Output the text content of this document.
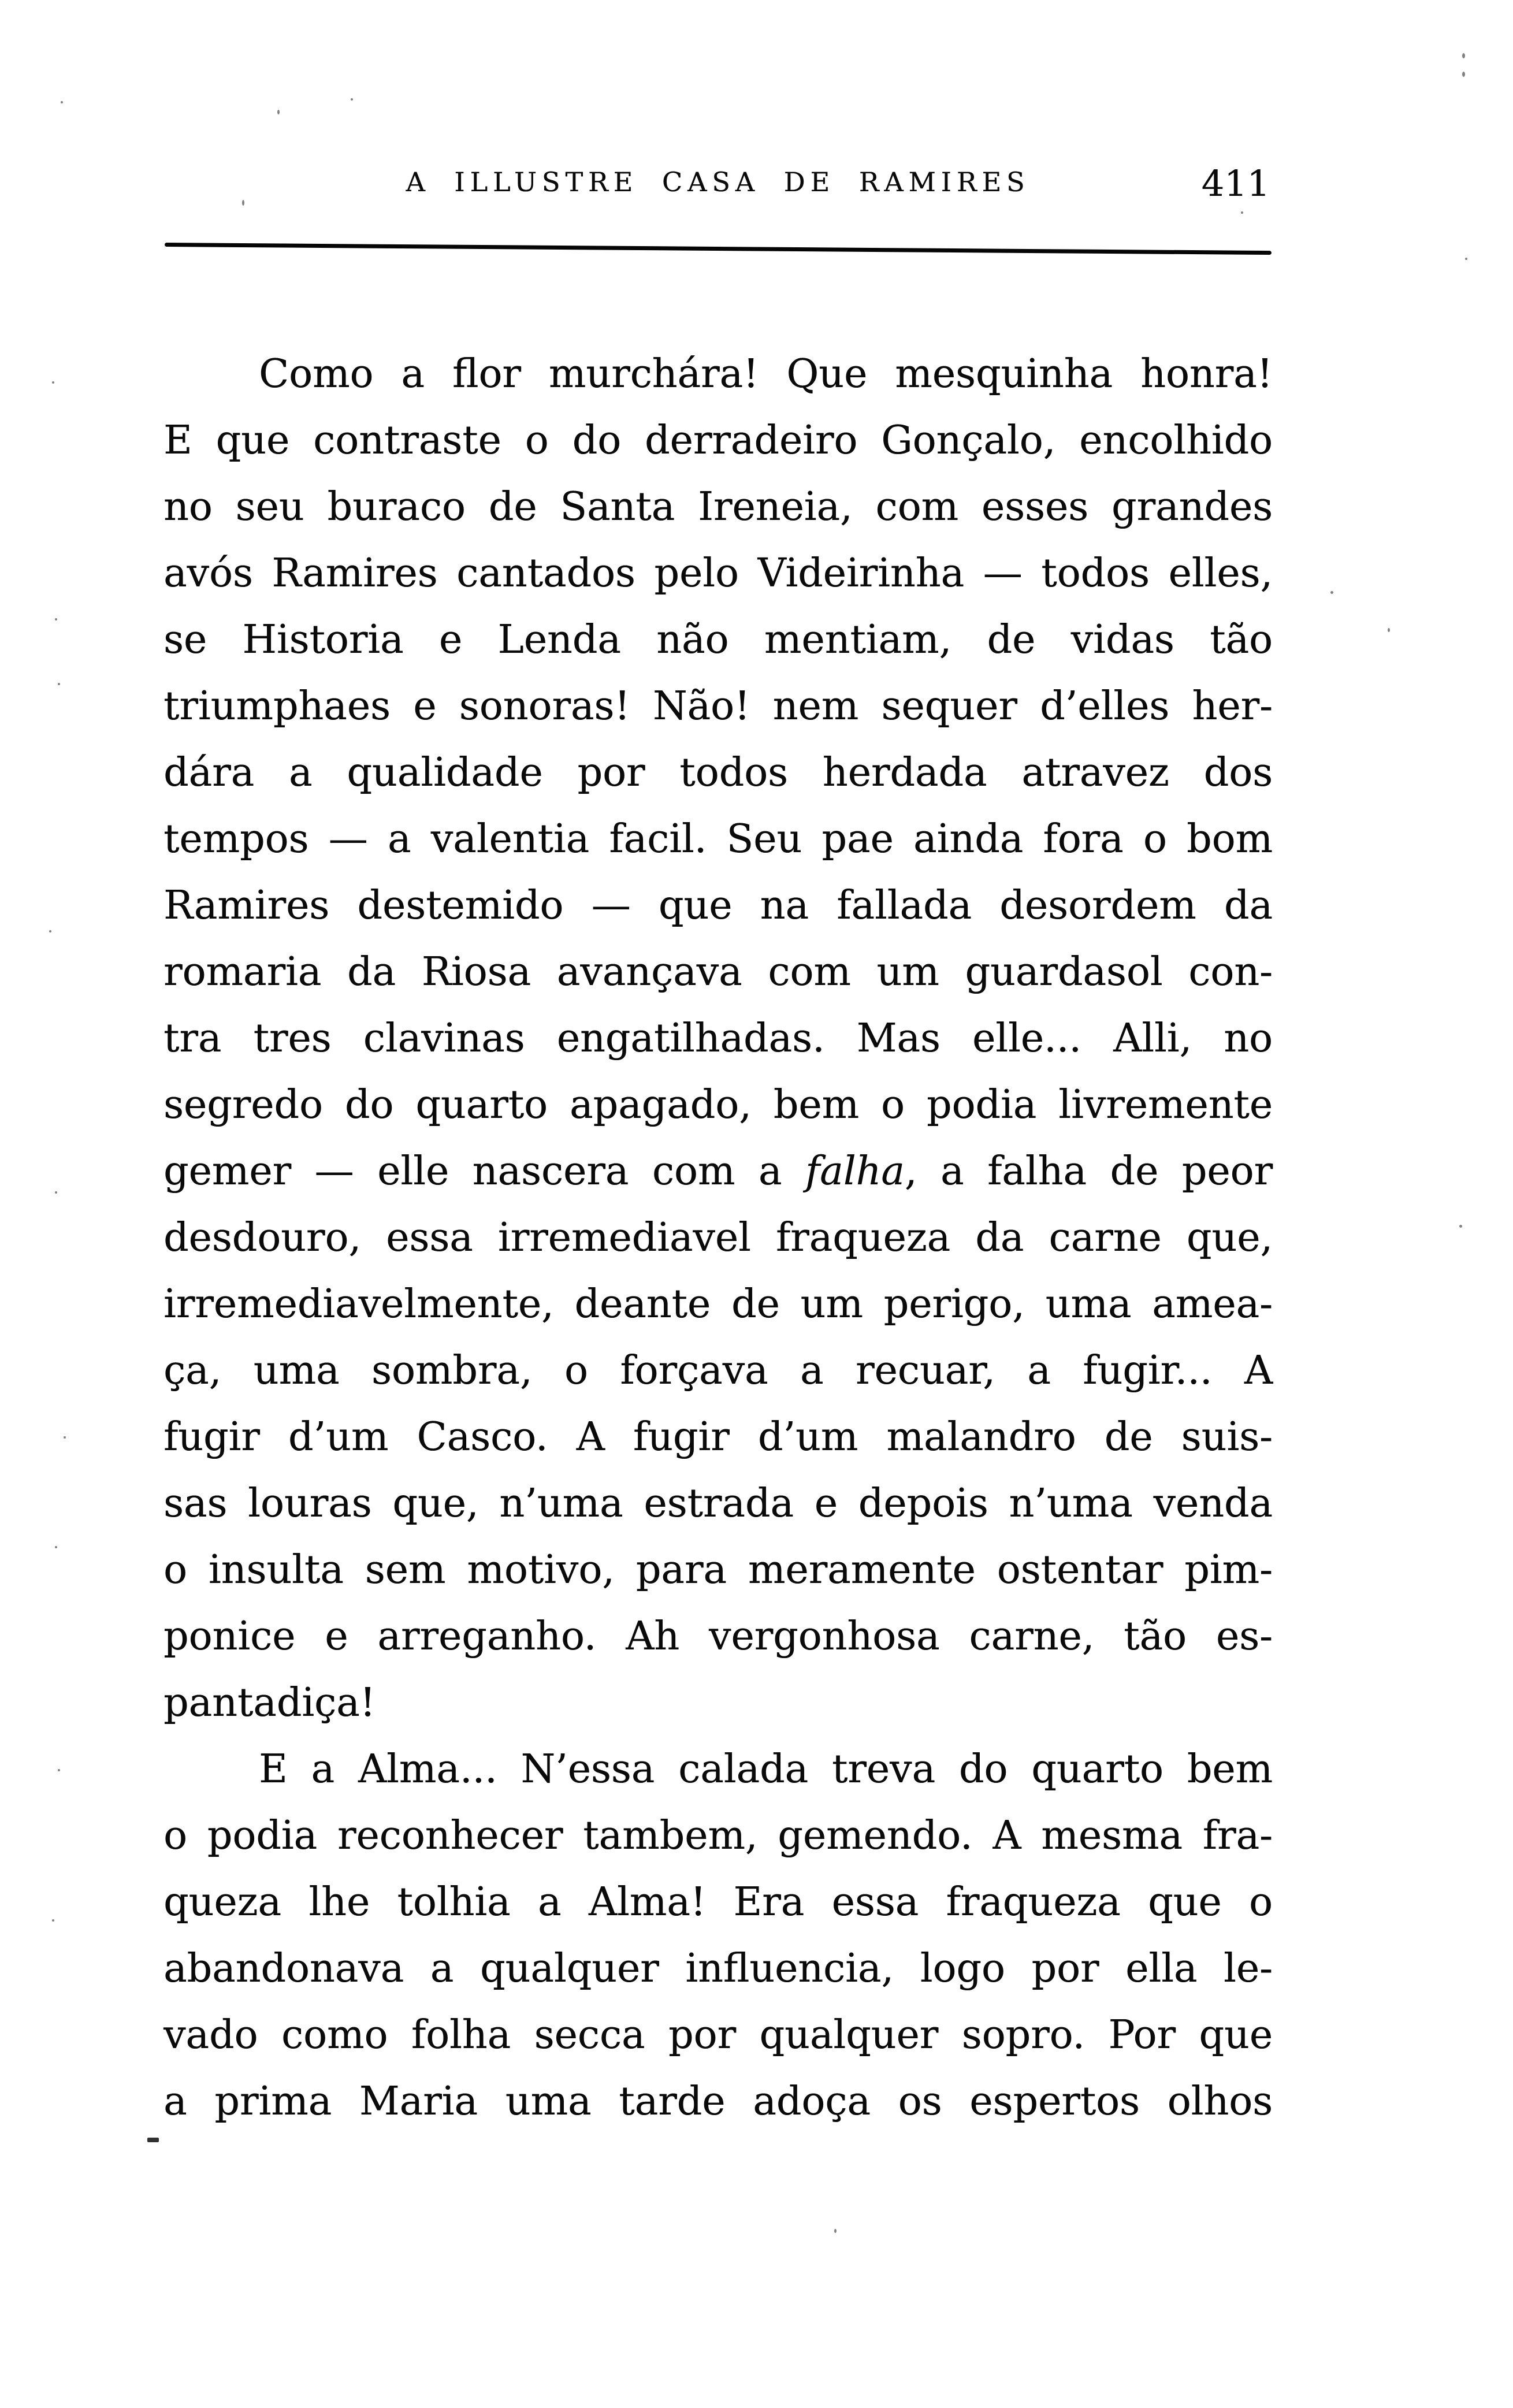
A ILLUSTRE CASA DE RAMIRES	411
Como a flor murchára! Que mesquinha honra!
E que contraste o do derradeiro Gonçalo, encolhido
no seu buraco de Santa Ireneia, com esses grandes
avós Ramires cantados pelo Videirinha — todos elles,
se Historia e Lenda não mentiam, de vidas tão
triumphaes e sonoras! Não! nem sequer d’elles her-
dára a qualidade por todos herdada atravez dos
tempos — a valentia facil. Seu pae ainda fora o bom
Ramires destemido — que na fallada desordem da
romaria da Riosa avançava com um guardasol con-
tra tres clavinas engatilhadas. Mas elle... Alli, no
segredo do quarto apagado, bem o podia livremente
gemer — elle nascera com a falha, a falha de peor
desdouro, essa irremediavel fraqueza da carne que,
irremediavelmente, deante de um perigo, uma amea-
ça, uma sombra, o forçava a recuar, a fugir... A
fugir d’um Casco. A fugir d’um malandro de suis-
sas louras que, n’uma estrada e depois n’uma venda
o insulta sem motivo, para meramente ostentar pim-
ponice e arreganho. Ah vergonhosa carne, tão es-
pantadiça!
E a Alma... N’essa calada treva do quarto bem
o podia reconhecer tambem, gemendo. A mesma fra-
queza lhe tolhia a Alma! Era essa fraqueza que o
abandonava a qualquer influencia, logo por ella le-
vado como folha secca por qualquer sopro. Por que
a prima Maria uma tarde adoça os espertos olhos
